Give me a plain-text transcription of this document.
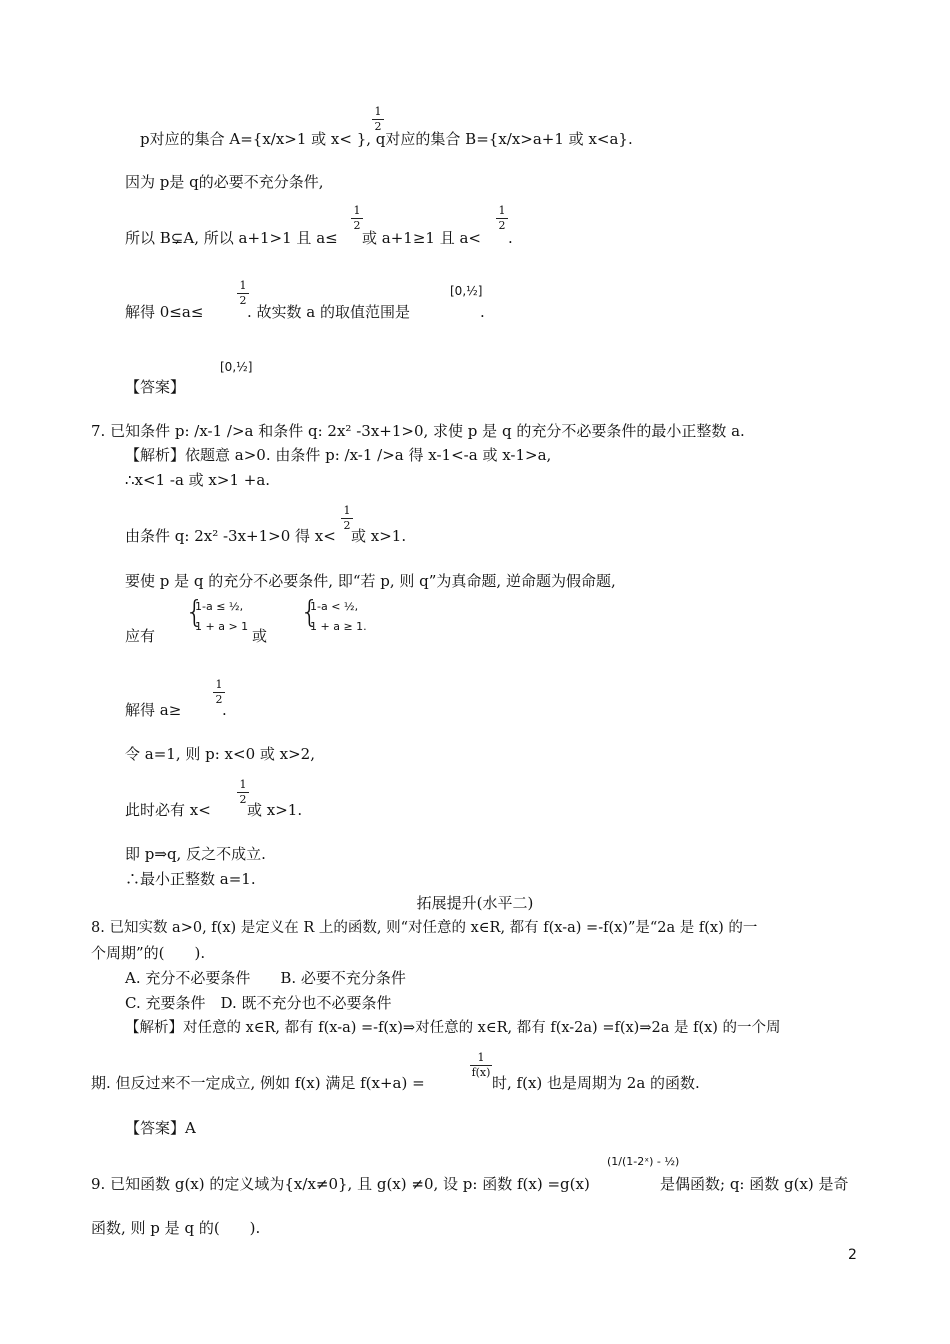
p对应的集合 A={x/x>1 或 x< }, q对应的集合 B={x/x>a+1 或 x<a}.
1
2
因为 p是 q的必要不充分条件,
所以 B⊊A, 所以 a+1>1 且 a≤
1
2
或 a+1≥1 且 a<
1
2
.
解得 0≤a≤
1
2
. 故实数 a 的取值范围是
[0,½]
.
【答案】
[0,½]
7. 已知条件 p: /x-1 />a 和条件 q: 2x² -3x+1>0, 求使 p 是 q 的充分不必要条件的最小正整数 a.
【解析】依题意 a>0. 由条件 p: /x-1 />a 得 x-1<-a 或 x-1>a,
∴x<1 -a 或 x>1 +a.
由条件 q: 2x² -3x+1>0 得 x<
1
2
或 x>1.
要使 p 是 q 的充分不必要条件, 即“若 p, 则 q”为真命题, 逆命题为假命题,
应有
{
1-a ≤ ½,
1 + a > 1
或
{
1-a < ½,
1 + a ≥ 1.
解得 a≥
1
2
.
令 a=1, 则 p: x<0 或 x>2,
此时必有 x<
1
2
或 x>1.
即 p⇒q, 反之不成立.
∴最小正整数 a=1.
拓展提升(水平二)
8. 已知实数 a>0, f(x) 是定义在 R 上的函数, 则“对任意的 x∈R, 都有 f(x-a) =-f(x)”是“2a 是 f(x) 的一
个周期”的(　　).
A. 充分不必要条件　　B. 必要不充分条件
C. 充要条件　D. 既不充分也不必要条件
【解析】对任意的 x∈R, 都有 f(x-a) =-f(x)⇒对任意的 x∈R, 都有 f(x-2a) =f(x)⇒2a 是 f(x) 的一个周
期. 但反过来不一定成立, 例如 f(x) 满足 f(x+a) =
1
f(x)
时, f(x) 也是周期为 2a 的函数.
【答案】A
9. 已知函数 g(x) 的定义域为{x/x≠0}, 且 g(x) ≠0, 设 p: 函数 f(x) =g(x)
(1/(1-2ˣ) - ½)
是偶函数; q: 函数 g(x) 是奇
函数, 则 p 是 q 的(　　).
2
